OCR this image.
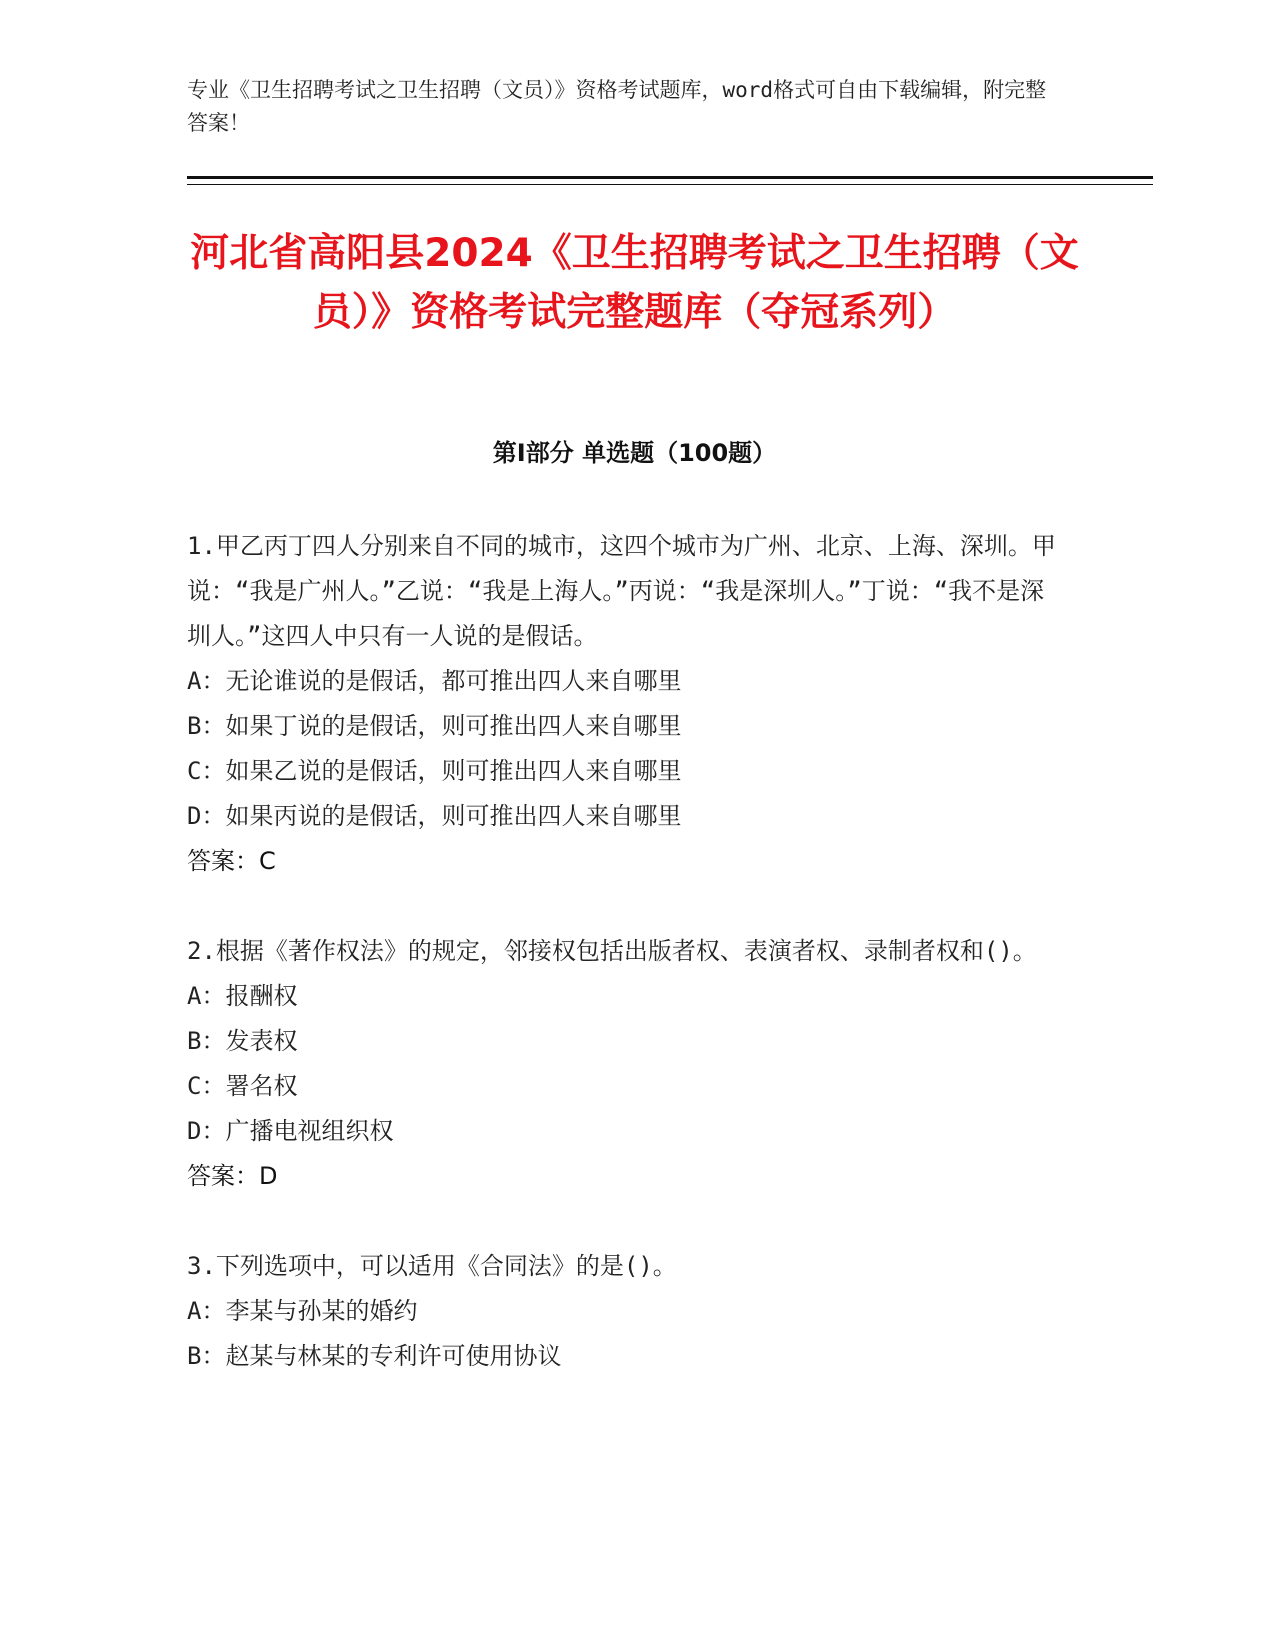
专业《卫生招聘考试之卫生招聘（文员）》资格考试题库，word格式可自由下载编辑，附完整答案！
河北省高阳县2024《卫生招聘考试之卫生招聘（文员）》资格考试完整题库（夺冠系列）
第I部分 单选题（100题）

1.甲乙丙丁四人分别来自不同的城市，这四个城市为广州、北京、上海、深圳。甲说：“我是广州人。”乙说：“我是上海人。”丙说：“我是深圳人。”丁说：“我不是深圳人。”这四人中只有一人说的是假话。

A：无论谁说的是假话，都可推出四人来自哪里

B：如果丁说的是假话，则可推出四人来自哪里

C：如果乙说的是假话，则可推出四人来自哪里

D：如果丙说的是假话，则可推出四人来自哪里

答案：C

2.根据《著作权法》的规定，邻接权包括出版者权、表演者权、录制者权和()。

A：报酬权

B：发表权

C：署名权

D：广播电视组织权

答案：D

3.下列选项中，可以适用《合同法》的是()。

A：李某与孙某的婚约

B：赵某与林某的专利许可使用协议
